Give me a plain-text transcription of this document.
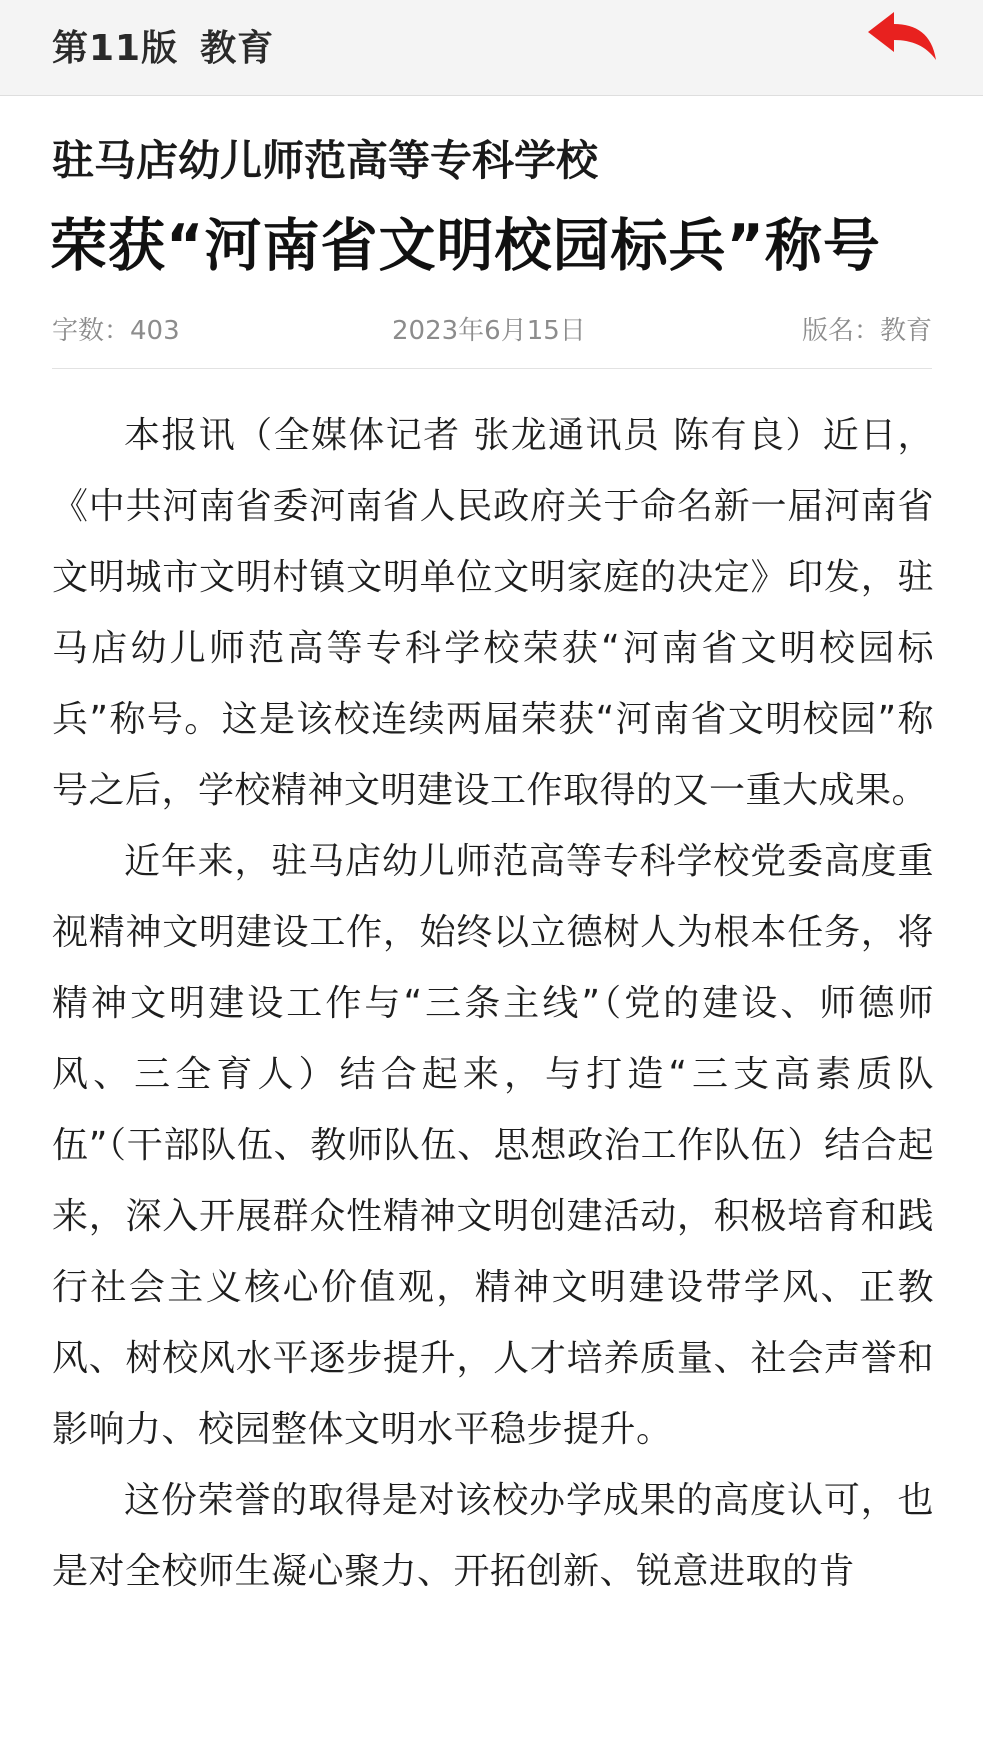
第11版 教育
驻马店幼儿师范高等专科学校
荣获“河南省文明校园标兵”称号
字数：403	2023年6月15日	版名：教育

本报讯（全媒体记者 张龙通讯员 陈有良）近日，《中共河南省委河南省人民政府关于命名新一届河南省文明城市文明村镇文明单位文明家庭的决定》印发，驻马店幼儿师范高等专科学校荣获“河南省文明校园标兵”称号。这是该校连续两届荣获“河南省文明校园”称号之后，学校精神文明建设工作取得的又一重大成果。

近年来，驻马店幼儿师范高等专科学校党委高度重视精神文明建设工作，始终以立德树人为根本任务，将精神文明建设工作与“三条主线”（党的建设、师德师风、三全育人）结合起来，与打造“三支高素质队伍”（干部队伍、教师队伍、思想政治工作队伍）结合起来，深入开展群众性精神文明创建活动，积极培育和践行社会主义核心价值观，精神文明建设带学风、正教风、树校风水平逐步提升，人才培养质量、社会声誉和影响力、校园整体文明水平稳步提升。

这份荣誉的取得是对该校办学成果的高度认可，也是对全校师生凝心聚力、开拓创新、锐意进取的肯
